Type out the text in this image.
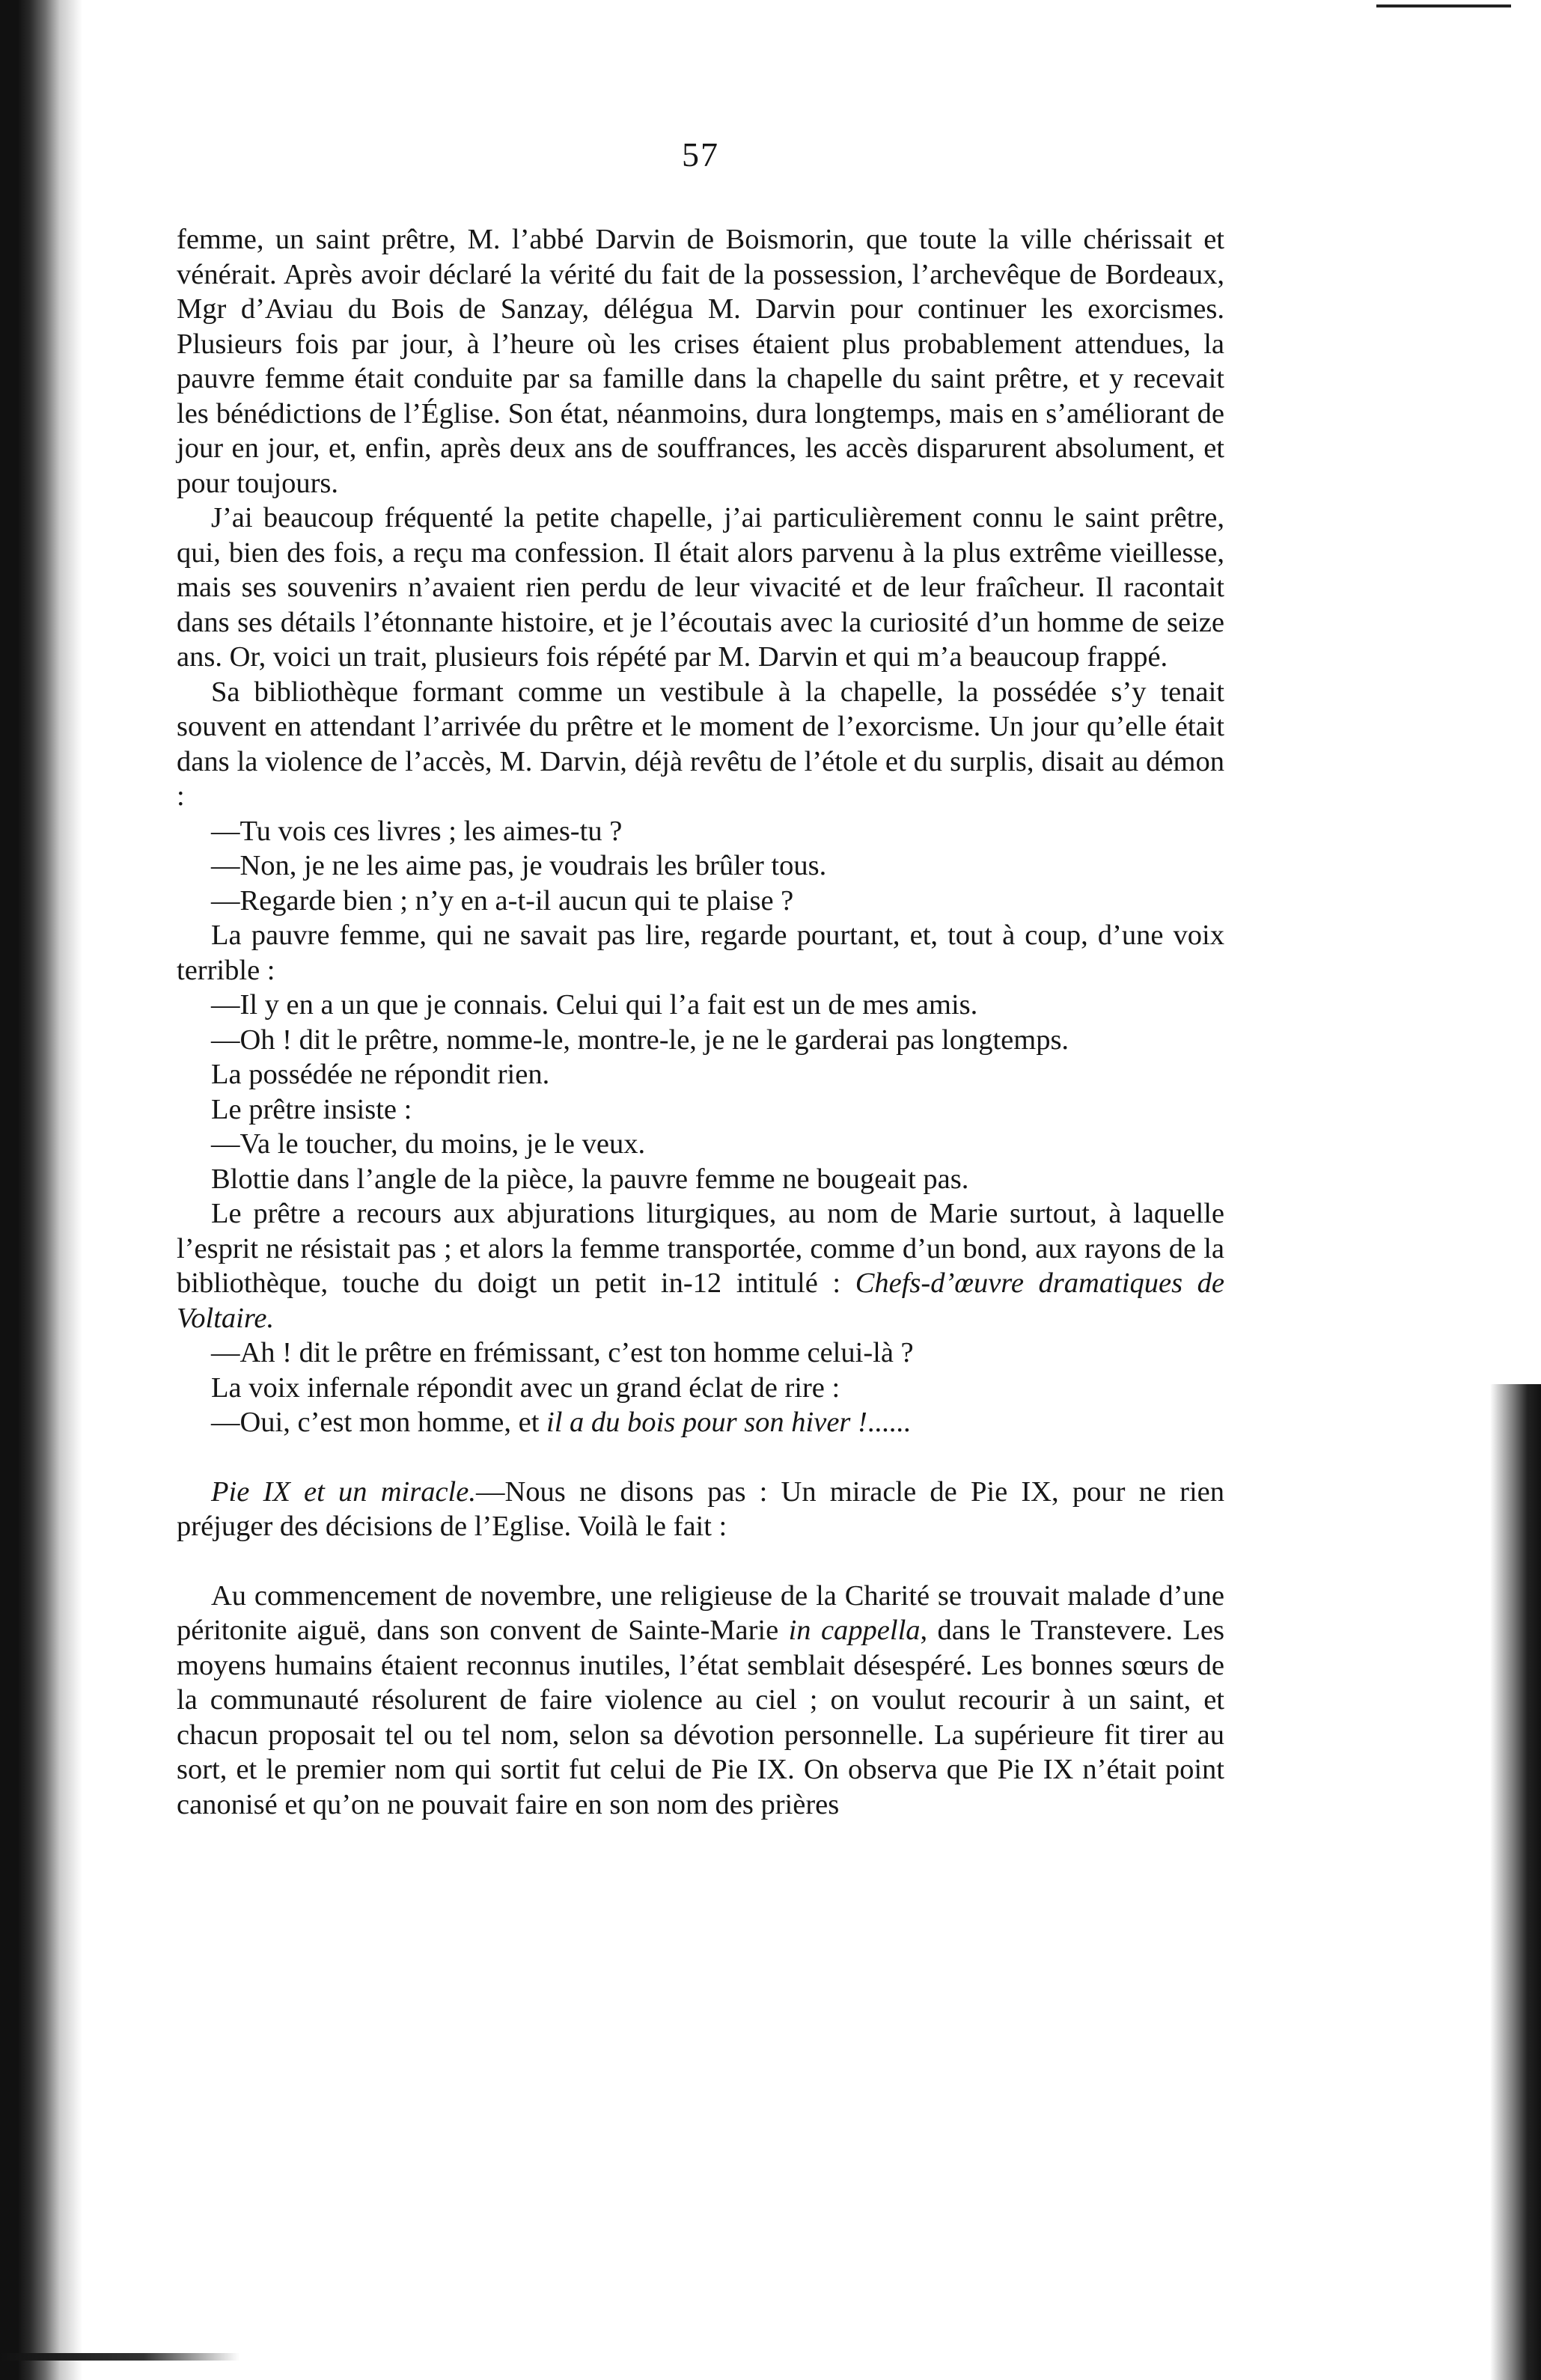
57

femme, un saint prêtre, M. l’abbé Darvin de Boismorin, que toute la ville chérissait et vénérait. Après avoir déclaré la vérité du fait de la possession, l’archevêque de Bordeaux, Mgr d’Aviau du Bois de Sanzay, délégua M. Darvin pour continuer les exorcismes. Plusieurs fois par jour, à l’heure où les crises étaient plus probablement attendues, la pauvre femme était conduite par sa famille dans la chapelle du saint prêtre, et y recevait les bénédictions de l’Église. Son état, néanmoins, dura longtemps, mais en s’améliorant de jour en jour, et, enfin, après deux ans de souffrances, les accès disparurent absolument, et pour toujours.

J’ai beaucoup fréquenté la petite chapelle, j’ai particulièrement connu le saint prêtre, qui, bien des fois, a reçu ma confession. Il était alors parvenu à la plus extrême vieillesse, mais ses souvenirs n’avaient rien perdu de leur vivacité et de leur fraîcheur. Il racontait dans ses détails l’étonnante histoire, et je l’écoutais avec la curiosité d’un homme de seize ans. Or, voici un trait, plusieurs fois répété par M. Darvin et qui m’a beaucoup frappé.

Sa bibliothèque formant comme un vestibule à la chapelle, la possédée s’y tenait souvent en attendant l’arrivée du prêtre et le moment de l’exorcisme. Un jour qu’elle était dans la violence de l’accès, M. Darvin, déjà revêtu de l’étole et du surplis, disait au démon :

—Tu vois ces livres ; les aimes-tu ?

—Non, je ne les aime pas, je voudrais les brûler tous.

—Regarde bien ; n’y en a-t-il aucun qui te plaise ?

La pauvre femme, qui ne savait pas lire, regarde pourtant, et, tout à coup, d’une voix terrible :

—Il y en a un que je connais. Celui qui l’a fait est un de mes amis.

—Oh ! dit le prêtre, nomme-le, montre-le, je ne le garderai pas longtemps.

La possédée ne répondit rien.

Le prêtre insiste :

—Va le toucher, du moins, je le veux.

Blottie dans l’angle de la pièce, la pauvre femme ne bougeait pas.

Le prêtre a recours aux abjurations liturgiques, au nom de Marie surtout, à laquelle l’esprit ne résistait pas ; et alors la femme transportée, comme d’un bond, aux rayons de la bibliothèque, touche du doigt un petit in-12 intitulé : Chefs-d’œuvre dramatiques de Voltaire.

—Ah ! dit le prêtre en frémissant, c’est ton homme celui-là ?

La voix infernale répondit avec un grand éclat de rire :

—Oui, c’est mon homme, et il a du bois pour son hiver !......

Pie IX et un miracle.—Nous ne disons pas : Un miracle de Pie IX, pour ne rien préjuger des décisions de l’Eglise. Voilà le fait :

Au commencement de novembre, une religieuse de la Charité se trouvait malade d’une péritonite aiguë, dans son convent de Sainte-Marie in cappella, dans le Transtevere. Les moyens humains étaient reconnus inutiles, l’état semblait désespéré. Les bonnes sœurs de la communauté résolurent de faire violence au ciel ; on voulut recourir à un saint, et chacun proposait tel ou tel nom, selon sa dévotion personnelle. La supérieure fit tirer au sort, et le premier nom qui sortit fut celui de Pie IX. On observa que Pie IX n’était point canonisé et qu’on ne pouvait faire en son nom des prières
